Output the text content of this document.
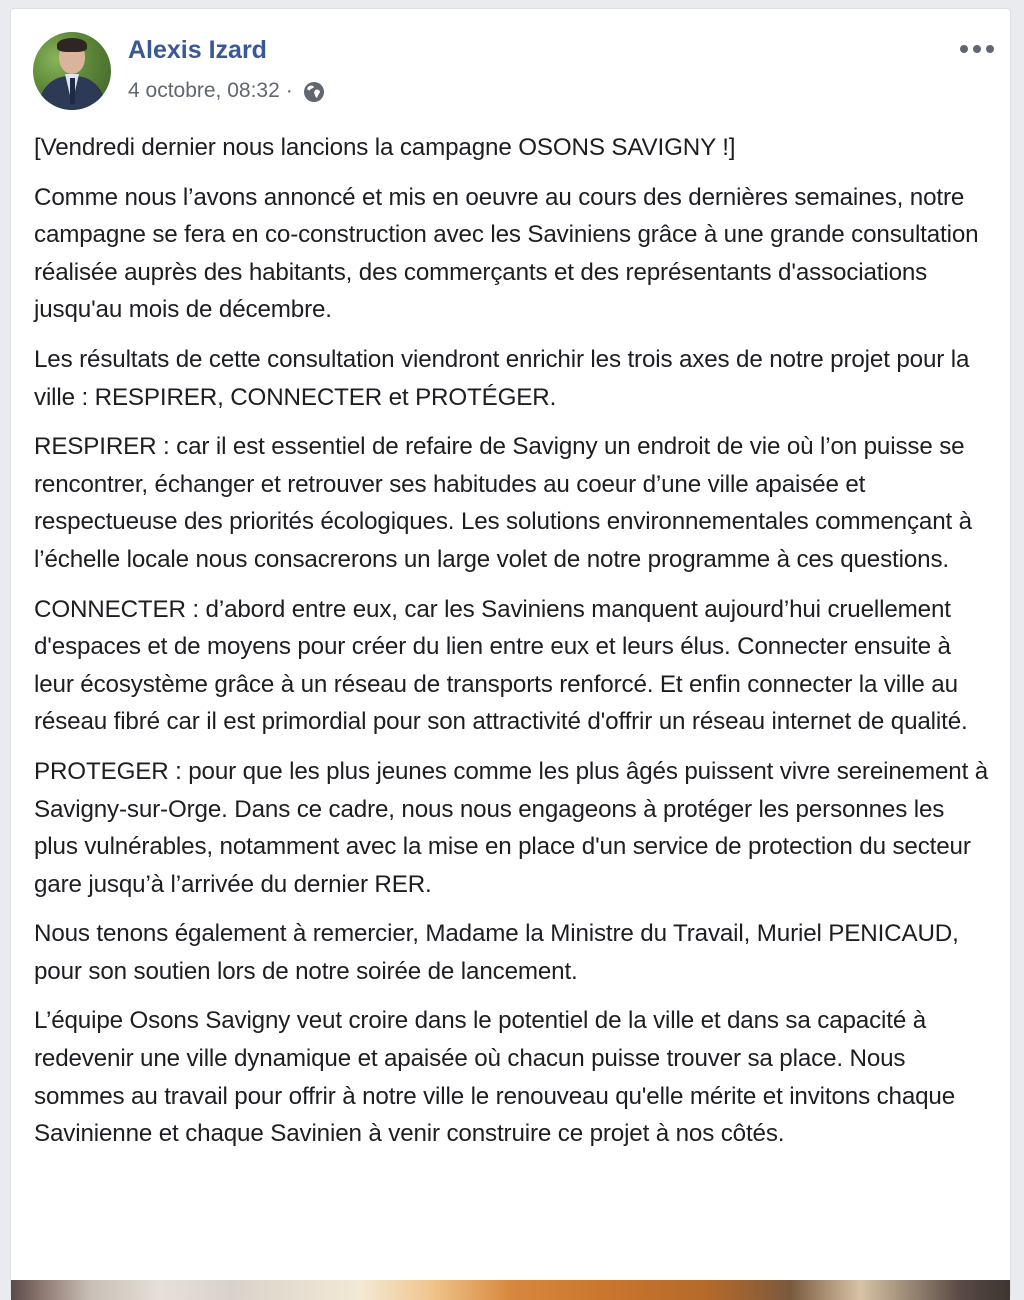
Alexis Izard
4 octobre, 08:32 ·

[Vendredi dernier nous lancions la campagne OSONS SAVIGNY !]

Comme nous l’avons annoncé et mis en oeuvre au cours des dernières semaines, notre campagne se fera en co-construction avec les Saviniens grâce à une grande consultation réalisée auprès des habitants, des commerçants et des représentants d'associations jusqu'au mois de décembre.

Les résultats de cette consultation viendront enrichir les trois axes de notre projet pour la ville : RESPIRER, CONNECTER et PROTÉGER.

RESPIRER : car il est essentiel de refaire de Savigny un endroit de vie où l’on puisse se rencontrer, échanger et retrouver ses habitudes au coeur d’une ville apaisée et respectueuse des priorités écologiques. Les solutions environnementales commençant à l’échelle locale nous consacrerons un large volet de notre programme à ces questions.

CONNECTER : d’abord entre eux, car les Saviniens manquent aujourd’hui cruellement d'espaces et de moyens pour créer du lien entre eux et leurs élus. Connecter ensuite à leur écosystème grâce à un réseau de transports renforcé. Et enfin connecter la ville au réseau fibré car il est primordial pour son attractivité d'offrir un réseau internet de qualité.

PROTEGER : pour que les plus jeunes comme les plus âgés puissent vivre sereinement à Savigny-sur-Orge. Dans ce cadre, nous nous engageons à protéger les personnes les plus vulnérables, notamment avec la mise en place d'un service de protection du secteur gare jusqu’à l’arrivée du dernier RER.

Nous tenons également à remercier, Madame la Ministre du Travail, Muriel PENICAUD, pour son soutien lors de notre soirée de lancement.

L’équipe Osons Savigny veut croire dans le potentiel de la ville et dans sa capacité à redevenir une ville dynamique et apaisée où chacun puisse trouver sa place. Nous sommes au travail pour offrir à notre ville le renouveau qu'elle mérite et invitons chaque Savinienne et chaque Savinien à venir construire ce projet à nos côtés.
